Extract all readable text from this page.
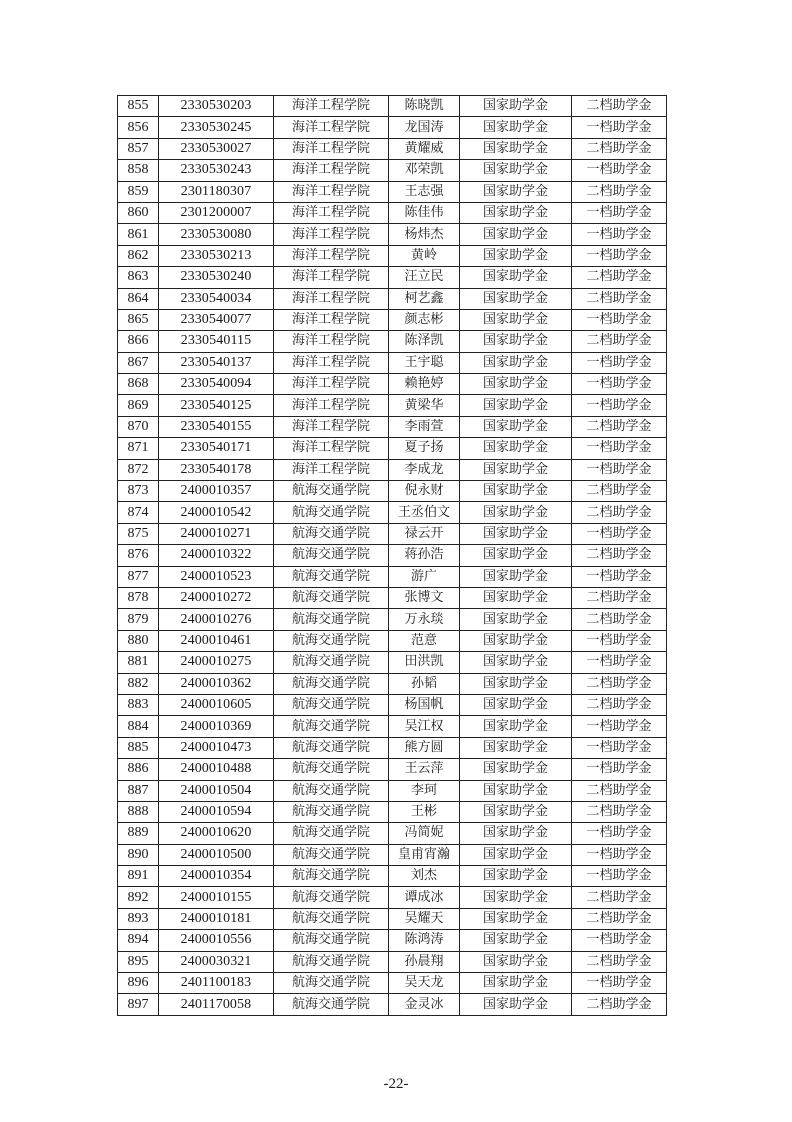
855	2330530203	海洋工程学院	陈晓凯	国家助学金	二档助学金
856	2330530245	海洋工程学院	龙国涛	国家助学金	一档助学金
857	2330530027	海洋工程学院	黄耀威	国家助学金	二档助学金
858	2330530243	海洋工程学院	邓荣凯	国家助学金	一档助学金
859	2301180307	海洋工程学院	王志强	国家助学金	二档助学金
860	2301200007	海洋工程学院	陈佳伟	国家助学金	一档助学金
861	2330530080	海洋工程学院	杨炜杰	国家助学金	一档助学金
862	2330530213	海洋工程学院	黄岭	国家助学金	一档助学金
863	2330530240	海洋工程学院	汪立民	国家助学金	二档助学金
864	2330540034	海洋工程学院	柯艺鑫	国家助学金	二档助学金
865	2330540077	海洋工程学院	颜志彬	国家助学金	一档助学金
866	2330540115	海洋工程学院	陈泽凯	国家助学金	二档助学金
867	2330540137	海洋工程学院	王宇聪	国家助学金	一档助学金
868	2330540094	海洋工程学院	赖艳婷	国家助学金	一档助学金
869	2330540125	海洋工程学院	黄梁华	国家助学金	一档助学金
870	2330540155	海洋工程学院	李雨萱	国家助学金	二档助学金
871	2330540171	海洋工程学院	夏子扬	国家助学金	一档助学金
872	2330540178	海洋工程学院	李成龙	国家助学金	一档助学金
873	2400010357	航海交通学院	倪永财	国家助学金	二档助学金
874	2400010542	航海交通学院	王丞伯文	国家助学金	二档助学金
875	2400010271	航海交通学院	禄云开	国家助学金	一档助学金
876	2400010322	航海交通学院	蒋孙浩	国家助学金	二档助学金
877	2400010523	航海交通学院	游广	国家助学金	一档助学金
878	2400010272	航海交通学院	张博文	国家助学金	二档助学金
879	2400010276	航海交通学院	万永琰	国家助学金	二档助学金
880	2400010461	航海交通学院	范意	国家助学金	一档助学金
881	2400010275	航海交通学院	田洪凯	国家助学金	一档助学金
882	2400010362	航海交通学院	孙韬	国家助学金	二档助学金
883	2400010605	航海交通学院	杨国帆	国家助学金	二档助学金
884	2400010369	航海交通学院	吴江权	国家助学金	一档助学金
885	2400010473	航海交通学院	熊方圆	国家助学金	一档助学金
886	2400010488	航海交通学院	王云萍	国家助学金	一档助学金
887	2400010504	航海交通学院	李珂	国家助学金	二档助学金
888	2400010594	航海交通学院	王彬	国家助学金	二档助学金
889	2400010620	航海交通学院	冯简妮	国家助学金	一档助学金
890	2400010500	航海交通学院	皇甫宵瀚	国家助学金	一档助学金
891	2400010354	航海交通学院	刘杰	国家助学金	一档助学金
892	2400010155	航海交通学院	谭成冰	国家助学金	二档助学金
893	2400010181	航海交通学院	吴耀天	国家助学金	二档助学金
894	2400010556	航海交通学院	陈鸿涛	国家助学金	一档助学金
895	2400030321	航海交通学院	孙晨翔	国家助学金	二档助学金
896	2401100183	航海交通学院	吴天龙	国家助学金	一档助学金
897	2401170058	航海交通学院	金灵冰	国家助学金	二档助学金
-22-
